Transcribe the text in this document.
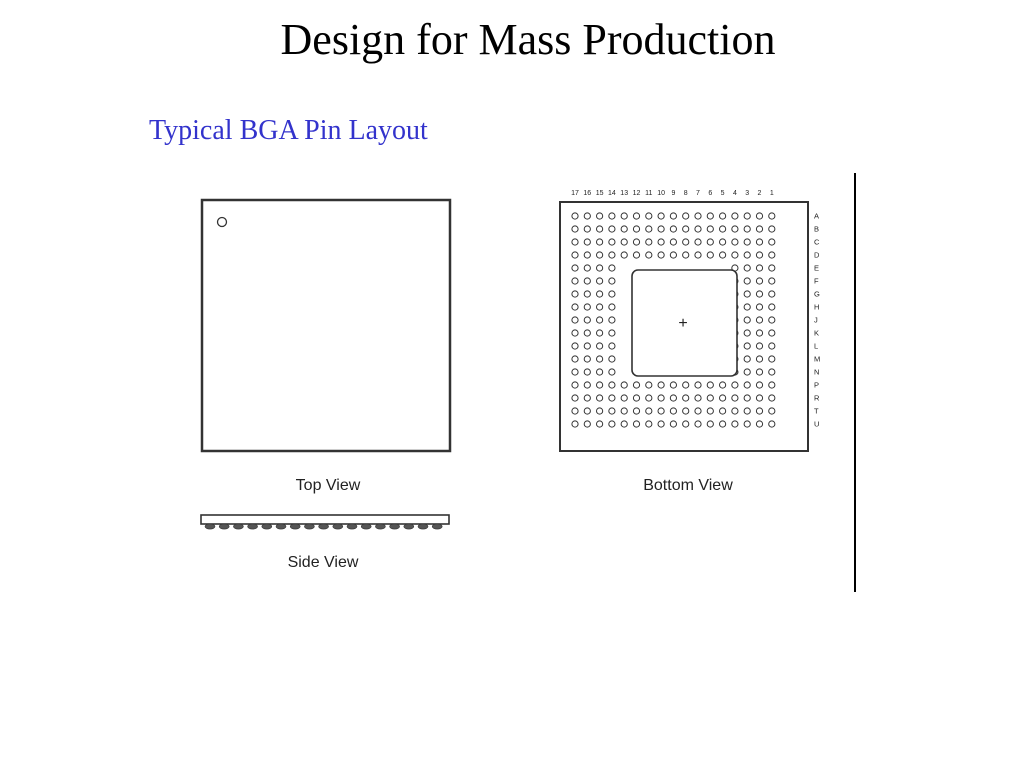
Design for Mass Production
Typical BGA Pin Layout
Top View
Side View
+
17 16 15 14 13 12 11 10 9 8 7 6 5 4 3 2 1
A
B
C
D
E
F
G
H
J
K
L
M
N
P
R
T
U
Bottom View
